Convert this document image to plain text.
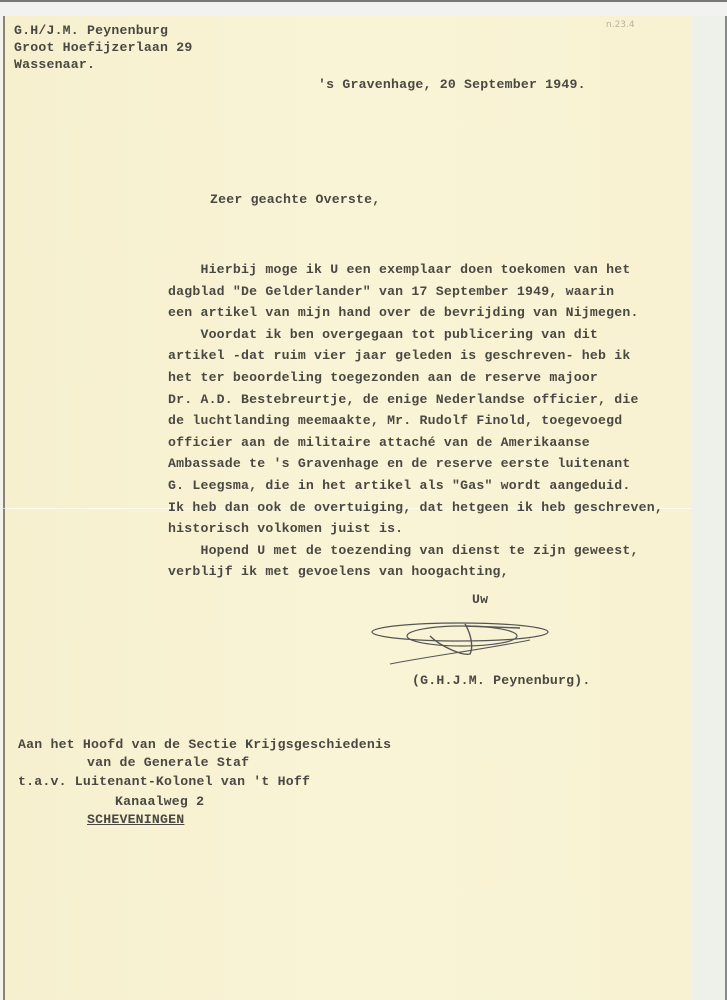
n.23.4
G.H/J.M. Peynenburg
Groot Hoefijzerlaan 29
Wassenaar.
's Gravenhage, 20 September 1949.
Zeer geachte Overste,
Hierbij moge ik U een exemplaar doen toekomen van het
dagblad "De Gelderlander" van 17 September 1949, waarin
een artikel van mijn hand over de bevrijding van Nijmegen.
Voordat ik ben overgegaan tot publicering van dit
artikel -dat ruim vier jaar geleden is geschreven- heb ik
het ter beoordeling toegezonden aan de reserve majoor
Dr. A.D. Bestebreurtje, de enige Nederlandse officier, die
de luchtlanding meemaakte, Mr. Rudolf Finold, toegevoegd
officier aan de militaire attaché van de Amerikaanse
Ambassade te 's Gravenhage en de reserve eerste luitenant
G. Leegsma, die in het artikel als "Gas" wordt aangeduid.
Ik heb dan ook de overtuiging, dat hetgeen ik heb geschreven,
historisch volkomen juist is.
Hopend U met de toezending van dienst te zijn geweest,
verblijf ik met gevoelens van hoogachting,
Uw
(G.H.J.M. Peynenburg).
Aan het Hoofd van de Sectie Krijgsgeschiedenis
van de Generale Staf
t.a.v. Luitenant-Kolonel van 't Hoff
Kanaalweg 2
SCHEVENINGEN
